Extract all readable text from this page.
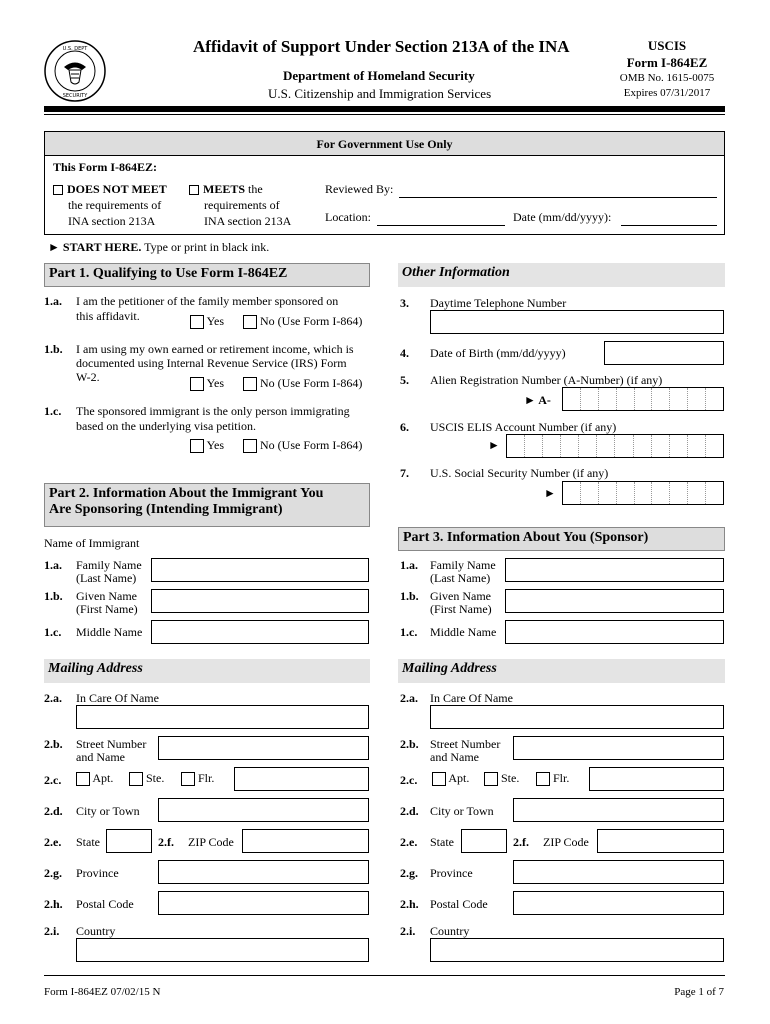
U.S. DEPT
SECURITY
Affidavit of Support Under Section 213A of the INA
Department of Homeland Security
U.S. Citizenship and Immigration Services
USCIS
Form I-864EZ
OMB No. 1615-0075
Expires 07/31/2017
For Government Use Only
This Form I-864EZ:
DOES NOT MEET
the requirements of
INA section 213A
MEETS the
requirements of
INA section 213A
Reviewed By:
Location:	Date (mm/dd/yyyy):
► START HERE. Type or print in black ink.
Part 1. Qualifying to Use Form I-864EZ
1.a. I am the petitioner of the family member sponsored on
this affidavit.	Yes	No (Use Form I-864)
1.b. I am using my own earned or retirement income, which is
documented using Internal Revenue Service (IRS) Form
W-2.	Yes	No (Use Form I-864)
1.c. The sponsored immigrant is the only person immigrating
based on the underlying visa petition.
Yes	No (Use Form I-864)
Other Information
3. Daytime Telephone Number
4. Date of Birth (mm/dd/yyyy)
5. Alien Registration Number (A-Number) (if any)
► A-
6. USCIS ELIS Account Number (if any)
►
7. U.S. Social Security Number (if any)
►
Part 2. Information About the Immigrant You
Are Sponsoring (Intending Immigrant)
Name of Immigrant	Part 3. Information About You (Sponsor)
1.a. Family Name
(Last Name)
1.b. Given Name
(First Name)
1.c. Middle Name
1.a. Family Name
(Last Name)
1.b. Given Name
(First Name)
1.c. Middle Name
Mailing Address
2.a. In Care Of Name
2.b. Street Number
and Name
2.c.	Apt.	Ste.	Flr.
2.d. City or Town
2.e. State	2.f. ZIP Code
2.g. Province
2.h. Postal Code
2.i. Country
Mailing Address
2.a. In Care Of Name
2.b. Street Number
and Name
2.c.	Apt.	Ste.	Flr.
2.d. City or Town
2.e. State	2.f. ZIP Code
2.g. Province
2.h. Postal Code
2.i. Country
Form I-864EZ 07/02/15 N	Page 1 of 7
